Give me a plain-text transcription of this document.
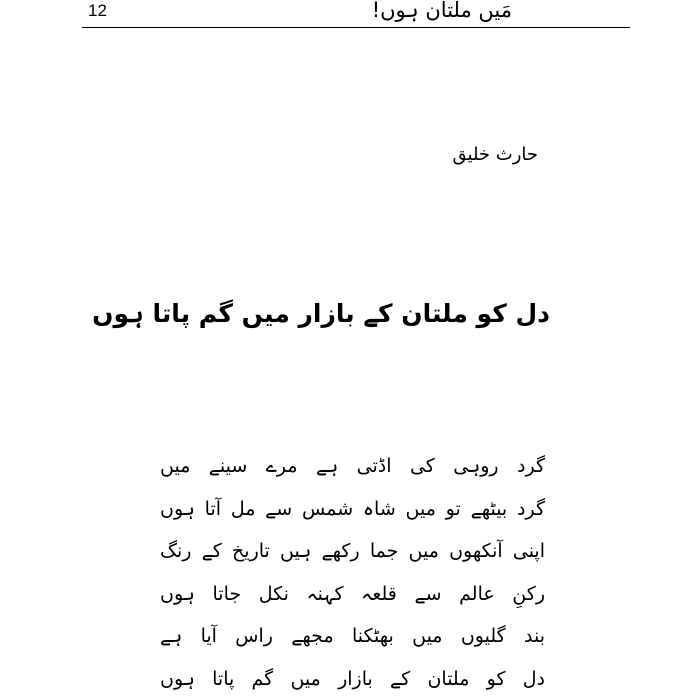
12	مَیں ملتان ہوں!
حارث خلیق
دل کو ملتان کے بازار میں گم پاتا ہوں
گرد روہی کی اڈتی ہے مرے سینے میں
گرد بیٹھے تو میں شاہ شمس سے مل آتا ہوں
اپنی آنکھوں میں جما رکھے ہیں تاریخ کے رنگ
رکنِ عالم سے قلعہ کہنہ نکل جاتا ہوں
بند گلیوں میں بھٹکنا مجھے راس آیا ہے
دل کو ملتان کے بازار میں گم پاتا ہوں
